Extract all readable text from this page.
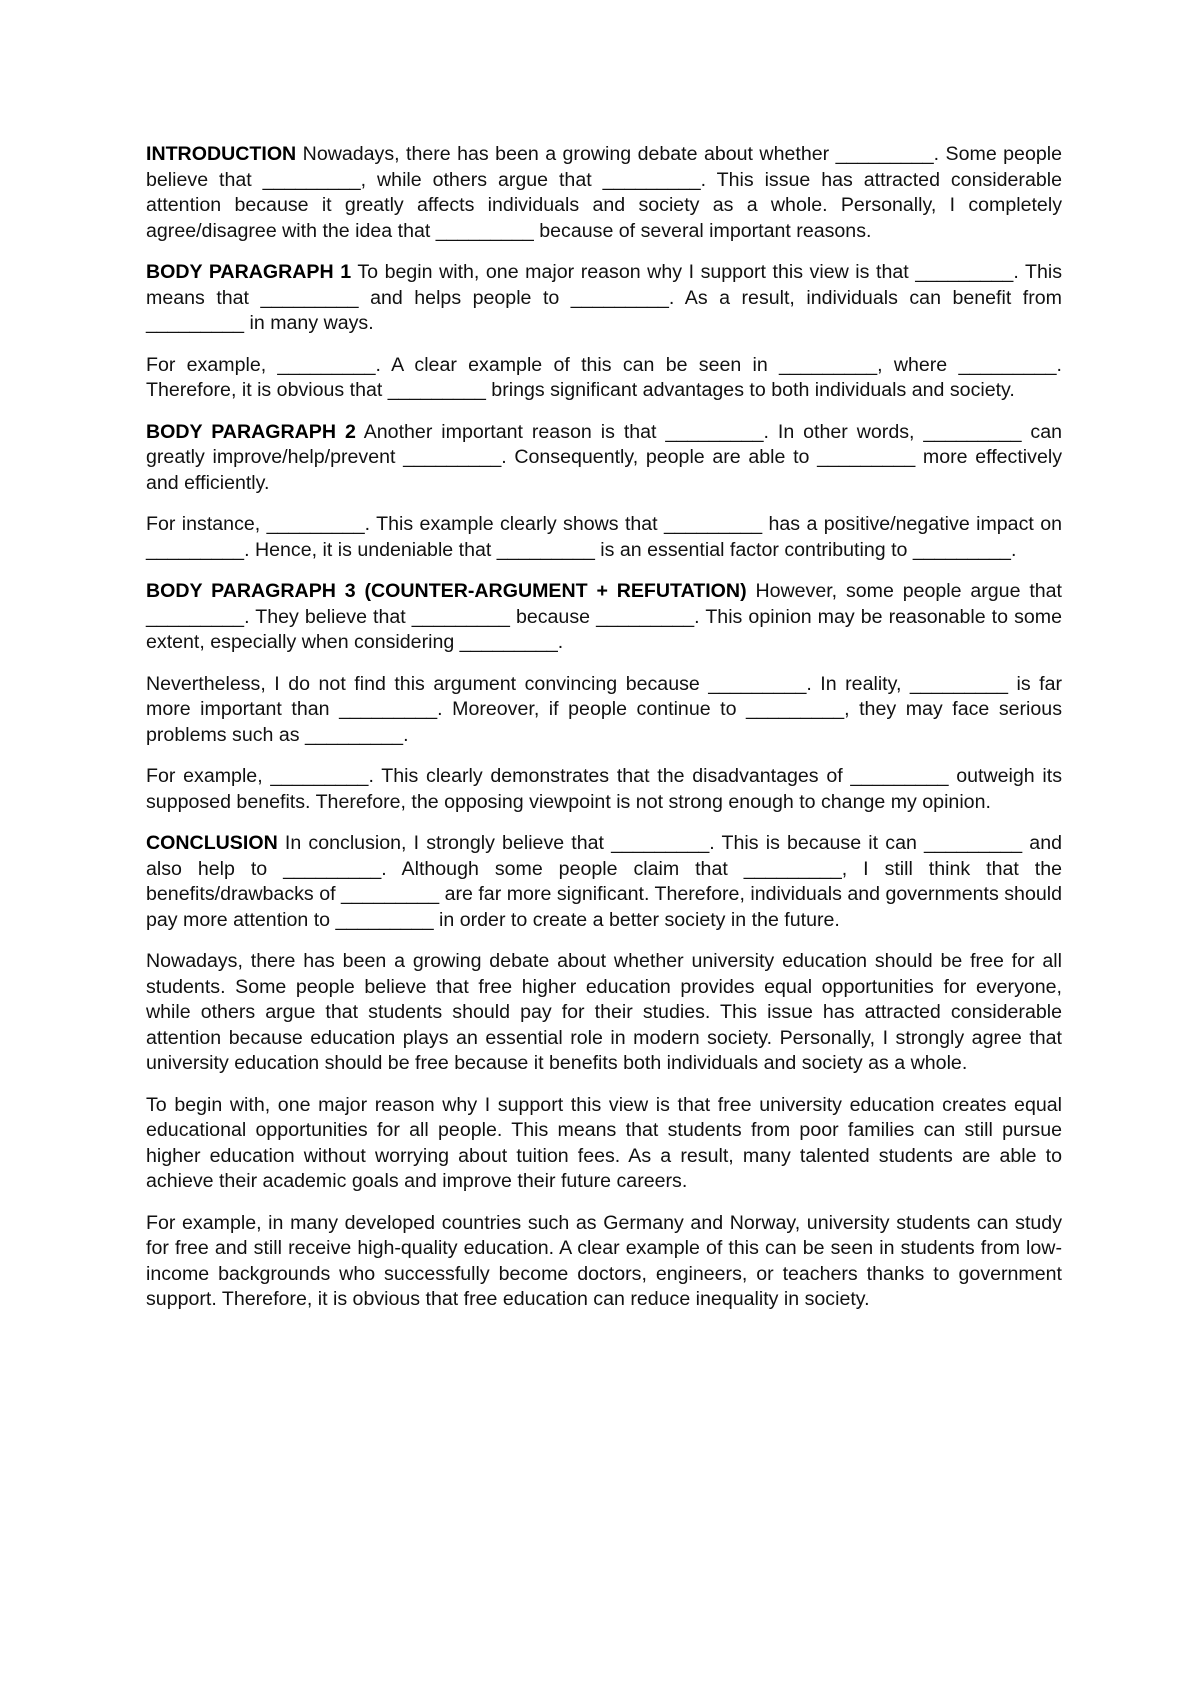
INTRODUCTION Nowadays, there has been a growing debate about whether _________. Some people believe that _________, while others argue that _________. This issue has attracted considerable attention because it greatly affects individuals and society as a whole. Personally, I completely agree/disagree with the idea that _________ because of several important reasons.

BODY PARAGRAPH 1 To begin with, one major reason why I support this view is that _________. This means that _________ and helps people to _________. As a result, individuals can benefit from _________ in many ways.

For example, _________. A clear example of this can be seen in _________, where _________. Therefore, it is obvious that _________ brings significant advantages to both individuals and society.

BODY PARAGRAPH 2 Another important reason is that _________. In other words, _________ can greatly improve/help/prevent _________. Consequently, people are able to _________ more effectively and efficiently.

For instance, _________. This example clearly shows that _________ has a positive/negative impact on _________. Hence, it is undeniable that _________ is an essential factor contributing to _________.

BODY PARAGRAPH 3 (COUNTER-ARGUMENT + REFUTATION) However, some people argue that _________. They believe that _________ because _________. This opinion may be reasonable to some extent, especially when considering _________.

Nevertheless, I do not find this argument convincing because _________. In reality, _________ is far more important than _________. Moreover, if people continue to _________, they may face serious problems such as _________.

For example, _________. This clearly demonstrates that the disadvantages of _________ outweigh its supposed benefits. Therefore, the opposing viewpoint is not strong enough to change my opinion.

CONCLUSION In conclusion, I strongly believe that _________. This is because it can _________ and also help to _________. Although some people claim that _________, I still think that the benefits/drawbacks of _________ are far more significant. Therefore, individuals and governments should pay more attention to _________ in order to create a better society in the future.

Nowadays, there has been a growing debate about whether university education should be free for all students. Some people believe that free higher education provides equal opportunities for everyone, while others argue that students should pay for their studies. This issue has attracted considerable attention because education plays an essential role in modern society. Personally, I strongly agree that university education should be free because it benefits both individuals and society as a whole.

To begin with, one major reason why I support this view is that free university education creates equal educational opportunities for all people. This means that students from poor families can still pursue higher education without worrying about tuition fees. As a result, many talented students are able to achieve their academic goals and improve their future careers.

For example, in many developed countries such as Germany and Norway, university students can study for free and still receive high-quality education. A clear example of this can be seen in students from low-income backgrounds who successfully become doctors, engineers, or teachers thanks to government support. Therefore, it is obvious that free education can reduce inequality in society.
